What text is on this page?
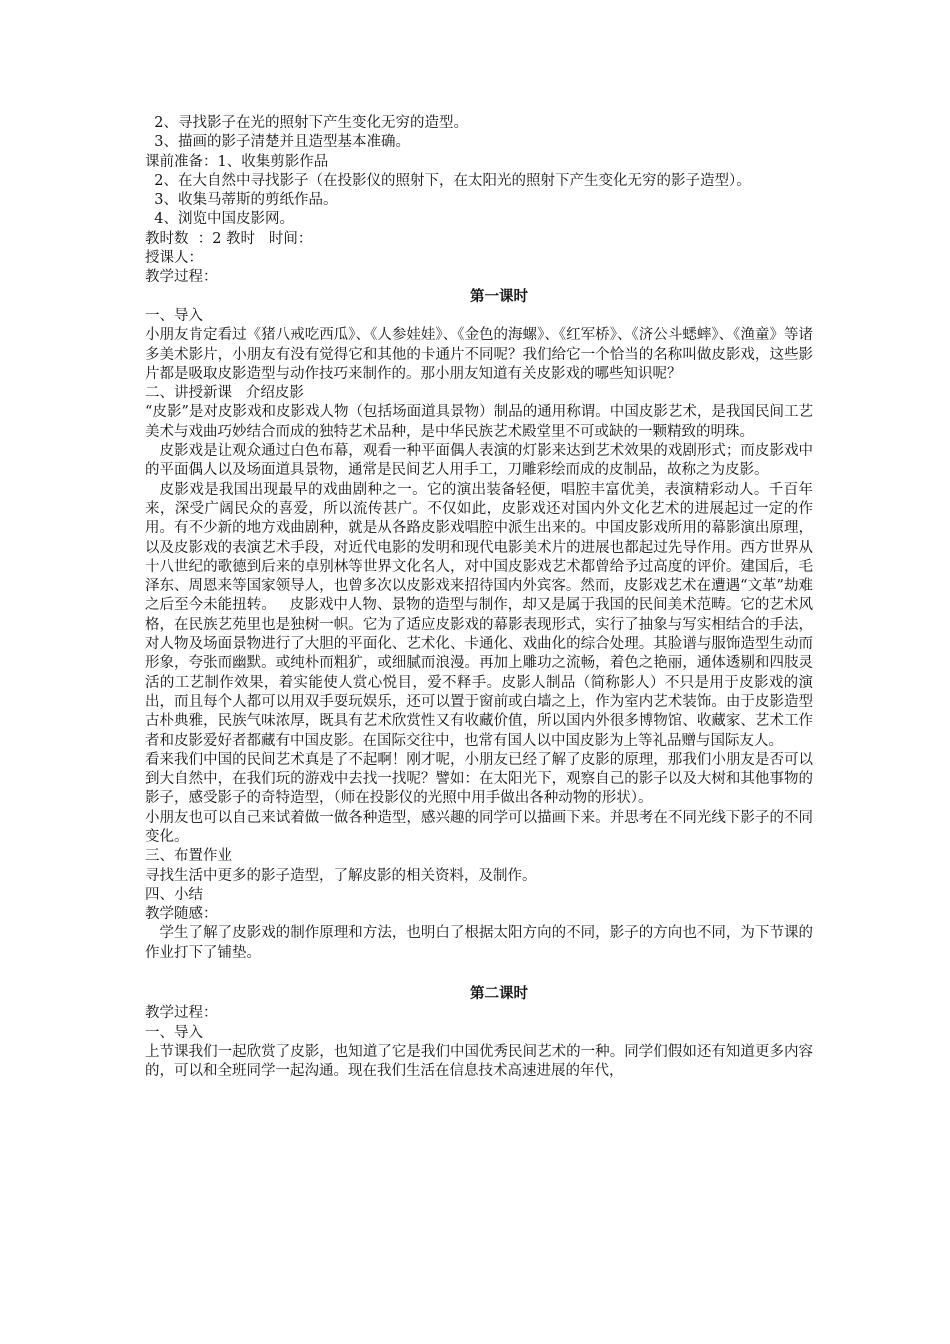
2、寻找影子在光的照射下产生变化无穷的造型。
3、描画的影子清楚并且造型基本准确。
课前准备：1、收集剪影作品
2、在大自然中寻找影子（在投影仪的照射下，在太阳光的照射下产生变化无穷的影子造型）。
3、收集马蒂斯的剪纸作品。
4、浏览中国皮影网。
教时数  ：2 教时   时间：
授课人：
教学过程：
第一课时
一、导入
小朋友肯定看过《猪八戒吃西瓜》、《人参娃娃》、《金色的海螺》、《红军桥》、《济公斗蟋蟀》、《渔童》等诸多美术影片，小朋友有没有觉得它和其他的卡通片不同呢？我们给它一个恰当的名称叫做皮影戏，这些影片都是吸取皮影造型与动作技巧来制作的。那小朋友知道有关皮影戏的哪些知识呢？
二、讲授新课   介绍皮影
“皮影”是对皮影戏和皮影戏人物（包括场面道具景物）制品的通用称谓。中国皮影艺术，是我国民间工艺美术与戏曲巧妙结合而成的独特艺术品种，是中华民族艺术殿堂里不可或缺的一颗精致的明珠。
皮影戏是让观众通过白色布幕，观看一种平面偶人表演的灯影来达到艺术效果的戏剧形式；而皮影戏中的平面偶人以及场面道具景物，通常是民间艺人用手工，刀雕彩绘而成的皮制品，故称之为皮影。
皮影戏是我国出现最早的戏曲剧种之一。它的演出装备轻便，唱腔丰富优美，表演精彩动人。千百年来，深受广阔民众的喜爱，所以流传甚广。不仅如此，皮影戏还对国内外文化艺术的进展起过一定的作用。有不少新的地方戏曲剧种，就是从各路皮影戏唱腔中派生出来的。中国皮影戏所用的幕影演出原理，以及皮影戏的表演艺术手段，对近代电影的发明和现代电影美术片的进展也都起过先导作用。西方世界从十八世纪的歌德到后来的卓别林等世界文化名人，对中国皮影戏艺术都曾给予过高度的评价。建国后，毛泽东、周恩来等国家领导人，也曾多次以皮影戏来招待国内外宾客。然而，皮影戏艺术在遭遇“文革”劫难之后至今未能扭转。   皮影戏中人物、景物的造型与制作，却又是属于我国的民间美术范畴。它的艺术风格，在民族艺苑里也是独树一帜。它为了适应皮影戏的幕影表现形式，实行了抽象与写实相结合的手法，对人物及场面景物进行了大胆的平面化、艺术化、卡通化、戏曲化的综合处理。其脸谱与服饰造型生动而形象，夸张而幽默。或纯朴而粗犷，或细腻而浪漫。再加上雕功之流畅，着色之艳丽，通体透剔和四肢灵活的工艺制作效果，着实能使人赏心悦目，爱不释手。皮影人制品（简称影人）不只是用于皮影戏的演出，而且每个人都可以用双手耍玩娱乐，还可以置于窗前或白墙之上，作为室内艺术装饰。由于皮影造型古朴典雅，民族气味浓厚，既具有艺术欣赏性又有收藏价值，所以国内外很多博物馆、收藏家、艺术工作者和皮影爱好者都藏有中国皮影。在国际交往中，也常有国人以中国皮影为上等礼品赠与国际友人。
看来我们中国的民间艺术真是了不起啊！刚才呢，小朋友已经了解了皮影的原理，那我们小朋友是否可以到大自然中，在我们玩的游戏中去找一找呢？譬如：在太阳光下，观察自己的影子以及大树和其他事物的影子，感受影子的奇特造型，（师在投影仪的光照中用手做出各种动物的形状）。
小朋友也可以自己来试着做一做各种造型，感兴趣的同学可以描画下来。并思考在不同光线下影子的不同变化。
三、布置作业
寻找生活中更多的影子造型，了解皮影的相关资料，及制作。
四、小结
教学随感：
学生了解了皮影戏的制作原理和方法，也明白了根据太阳方向的不同，影子的方向也不同，为下节课的作业打下了铺垫。
第二课时
教学过程：
一、导入
上节课我们一起欣赏了皮影，也知道了它是我们中国优秀民间艺术的一种。同学们假如还有知道更多内容的，可以和全班同学一起沟通。现在我们生活在信息技术高速进展的年代，
